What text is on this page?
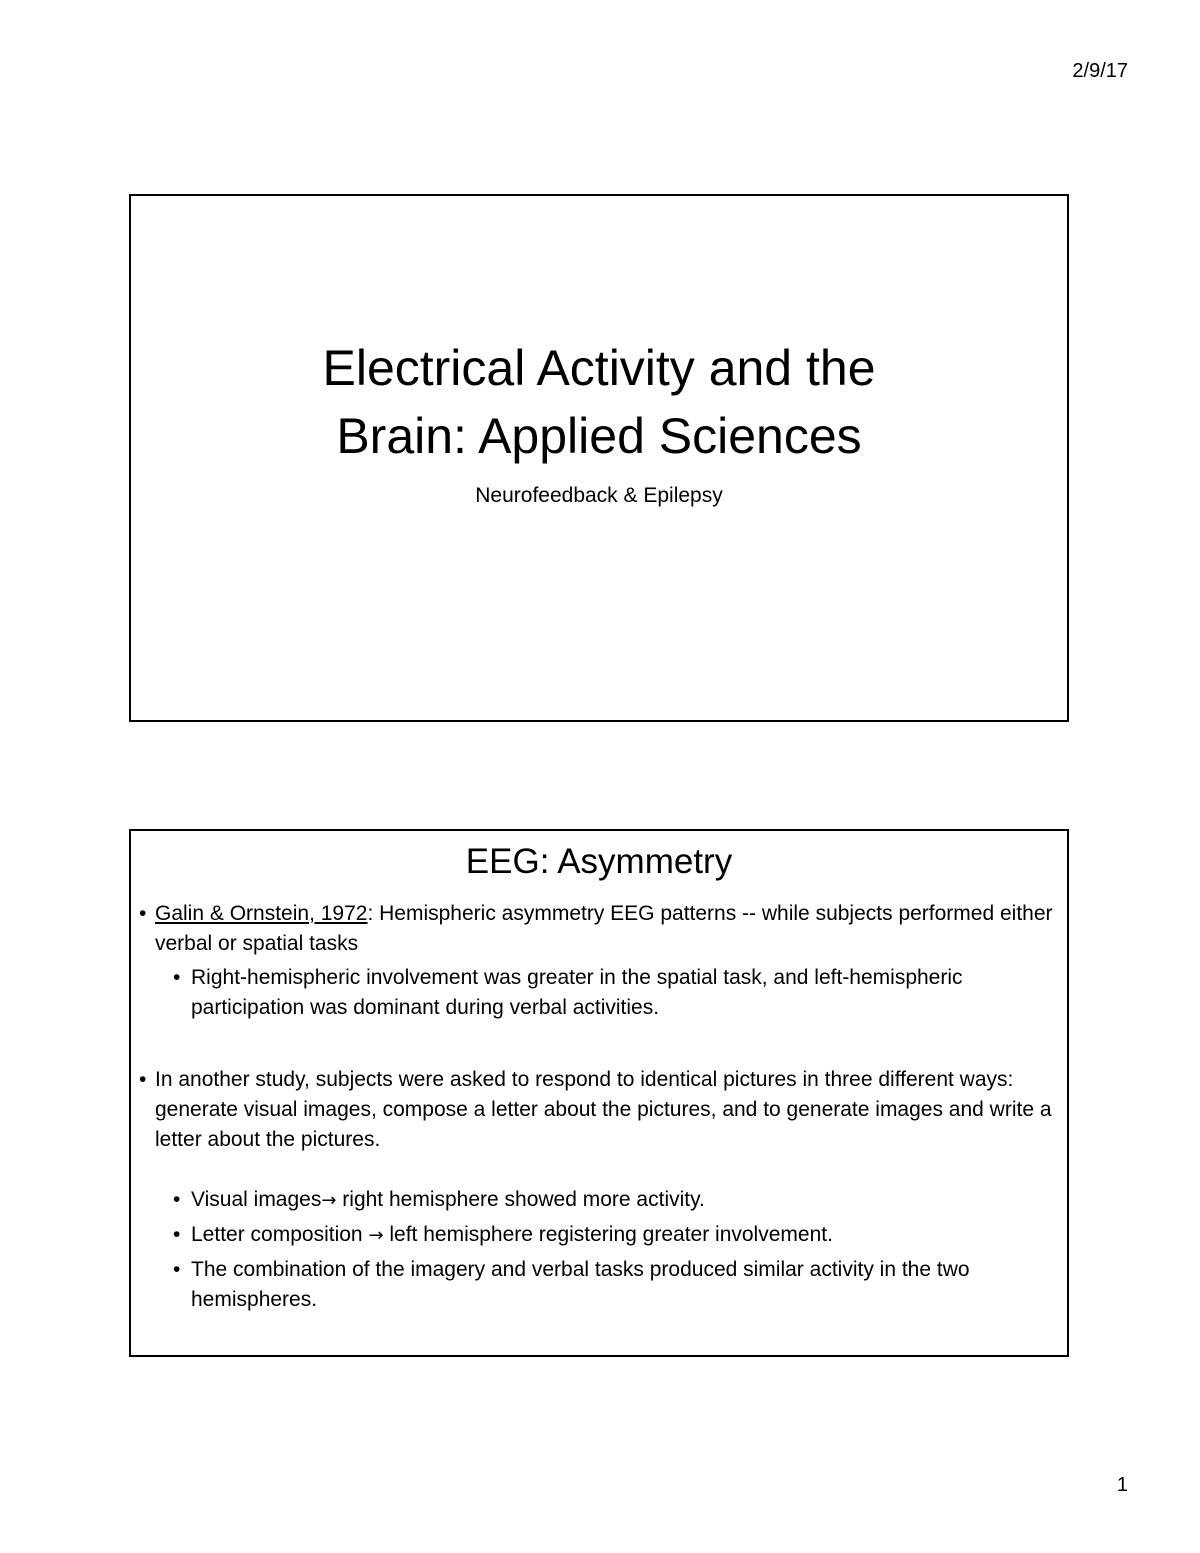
2/9/17
Electrical Activity and the
Brain: Applied Sciences
Neurofeedback & Epilepsy
EEG: Asymmetry
• Galin & Ornstein, 1972: Hemispheric asymmetry EEG patterns -- while subjects performed either verbal or spatial tasks
• Right-hemispheric involvement was greater in the spatial task, and left-hemispheric participation was dominant during verbal activities.
• In another study, subjects were asked to respond to identical pictures in three different ways: generate visual images, compose a letter about the pictures, and to generate images and write a letter about the pictures.
• Visual images→ right hemisphere showed more activity.
• Letter composition → left hemisphere registering greater involvement.
• The combination of the imagery and verbal tasks produced similar activity in the two hemispheres.
1
